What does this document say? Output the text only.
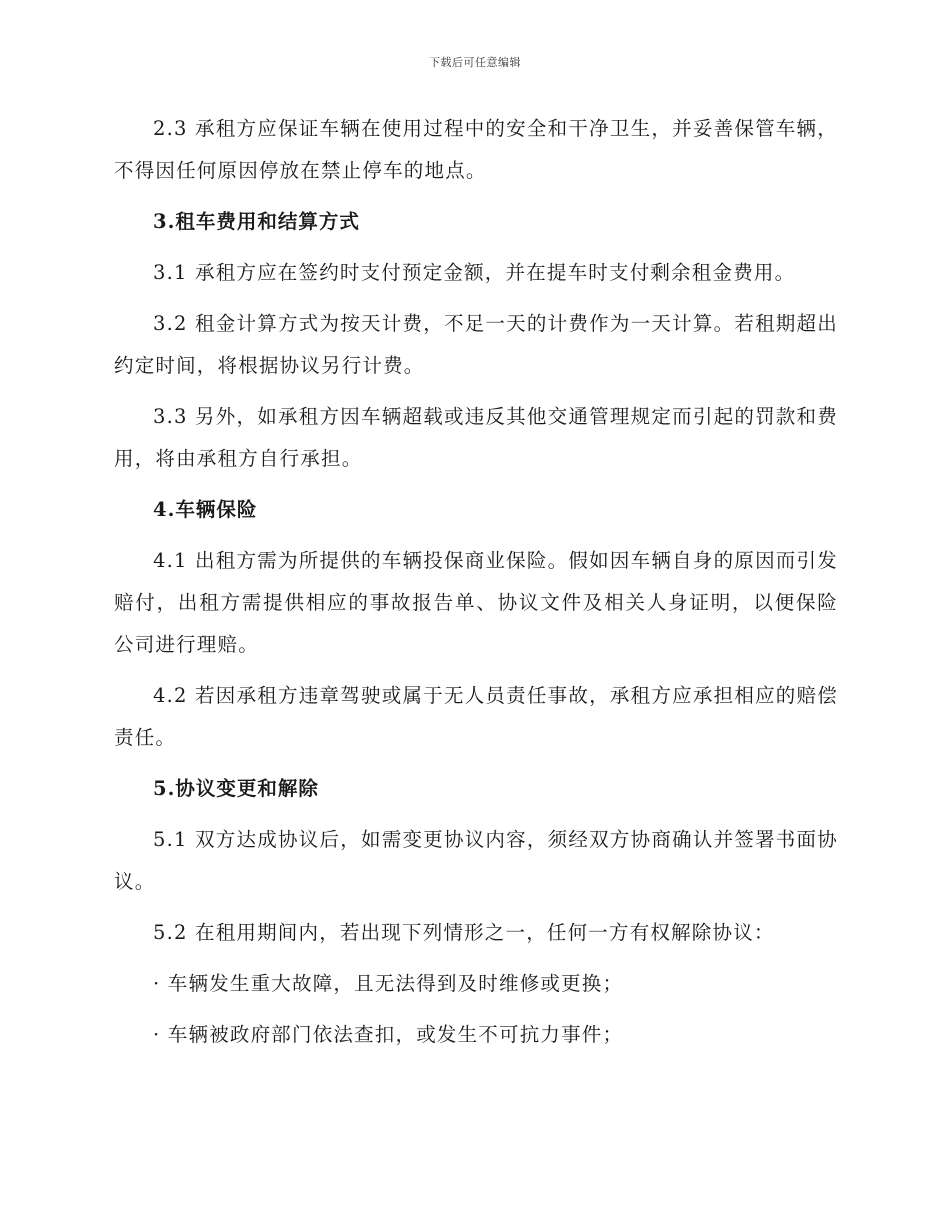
下载后可任意编辑

2.3 承租方应保证车辆在使用过程中的安全和干净卫生，并妥善保管车辆，不得因任何原因停放在禁止停车的地点。

3.租车费用和结算方式

3.1 承租方应在签约时支付预定金额，并在提车时支付剩余租金费用。

3.2 租金计算方式为按天计费，不足一天的计费作为一天计算。若租期超出约定时间，将根据协议另行计费。

3.3 另外，如承租方因车辆超载或违反其他交通管理规定而引起的罚款和费用，将由承租方自行承担。

4.车辆保险

4.1 出租方需为所提供的车辆投保商业保险。假如因车辆自身的原因而引发赔付，出租方需提供相应的事故报告单、协议文件及相关人身证明，以便保险公司进行理赔。

4.2 若因承租方违章驾驶或属于无人员责任事故，承租方应承担相应的赔偿责任。

5.协议变更和解除

5.1 双方达成协议后，如需变更协议内容，须经双方协商确认并签署书面协议。

5.2 在租用期间内，若出现下列情形之一，任何一方有权解除协议：

· 车辆发生重大故障，且无法得到及时维修或更换；

· 车辆被政府部门依法查扣，或发生不可抗力事件；
